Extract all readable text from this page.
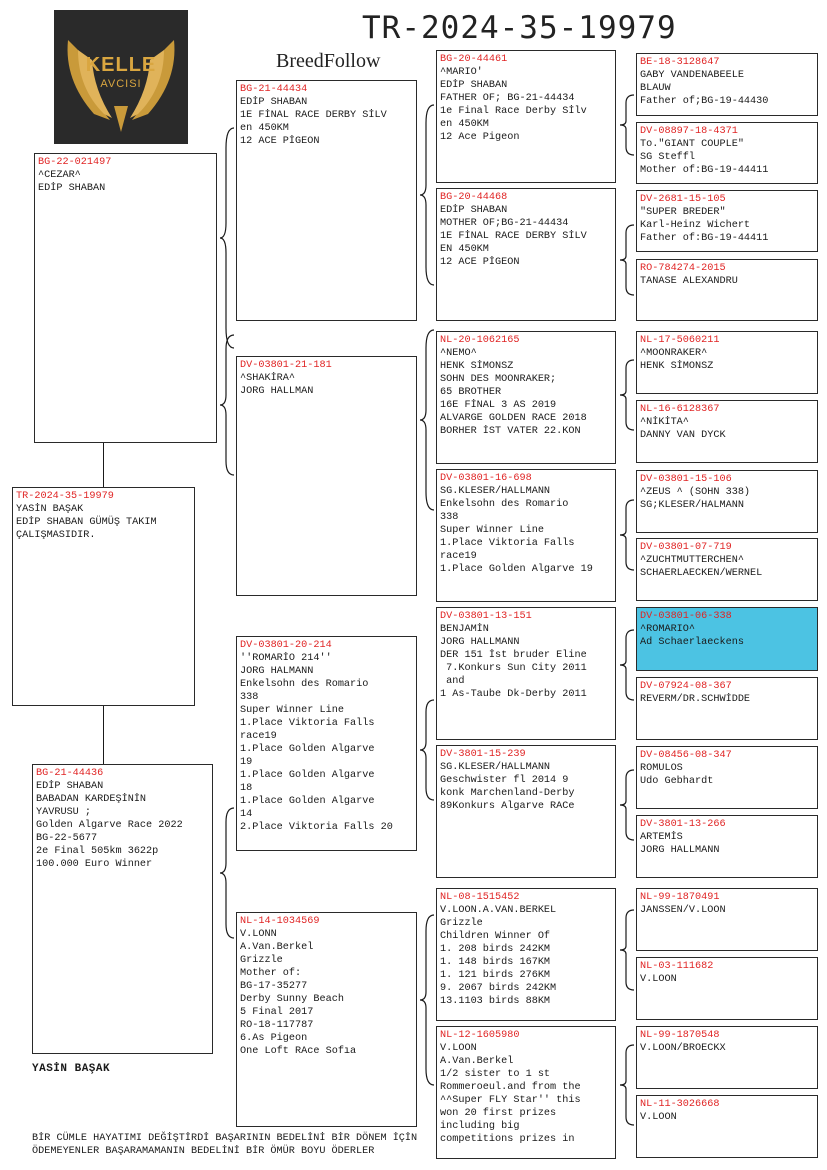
KELLE
AVCISI
TR-2024-35-19979
BreedFollow
BG-22-021497
^CEZAR^
EDİP SHABAN
TR-2024-35-19979
YASİN BAŞAK
EDİP SHABAN GÜMÜŞ TAKIM
ÇALIŞMASIDIR.
BG-21-44436
EDİP SHABAN
BABADAN KARDEŞİNİN
YAVRUSU ;
Golden Algarve Race 2022
BG-22-5677
2e Final 505km 3622p
100.000 Euro Winner
BG-21-44434
EDİP SHABAN
1E FİNAL RACE DERBY SİLV
en 450KM
12 ACE PİGEON
DV-03801-21-181
^SHAKİRA^
JORG HALLMAN
DV-03801-20-214
''ROMARİO 214''
JORG HALMANN
Enkelsohn des Romario
338
Super Winner Line
1.Place Viktoria Falls
race19
1.Place Golden Algarve
19
1.Place Golden Algarve
18
1.Place Golden Algarve
14
2.Place Viktoria Falls 20
NL-14-1034569
V.LONN
A.Van.Berkel
Grizzle
Mother of:
BG-17-35277
Derby Sunny Beach
5 Final 2017
RO-18-117787
6.As Pigeon
One Loft RAce Sofıa
BG-20-44461
^MARIO'
EDİP SHABAN
FATHER OF; BG-21-44434
1e Final Race Derby Sİlv
en 450KM
12 Ace Pigeon
BG-20-44468
EDİP SHABAN
MOTHER OF;BG-21-44434
1E FİNAL RACE DERBY SİLV
EN 450KM
12 ACE PİGEON
NL-20-1062165
^NEMO^
HENK SİMONSZ
SOHN DES MOONRAKER;
65 BROTHER
16E FİNAL 3 AS 2019
ALVARGE GOLDEN RACE 2018
BORHER İST VATER 22.KON
DV-03801-16-698
SG.KLESER/HALLMANN
Enkelsohn des Romario
338
Super Winner Line
1.Place Viktoria Falls
race19
1.Place Golden Algarve 19
DV-03801-13-151
BENJAMİN
JORG HALLMANN
DER 151 İst bruder Eline
7.Konkurs Sun City 2011
and
1 As-Taube Dk-Derby 2011
DV-3801-15-239
SG.KLESER/HALLMANN
Geschwister fl 2014 9
konk Marchenland-Derby
89Konkurs Algarve RACe
NL-08-1515452
V.LOON.A.VAN.BERKEL
Grizzle
Children Winner Of
1. 208 birds 242KM
1. 148 birds 167KM
1. 121 birds 276KM
9. 2067 birds 242KM
13.1103 birds 88KM
NL-12-1605980
V.LOON
A.Van.Berkel
1/2 sister to 1 st
Rommeroeul.and from the
^^Super FLY Star'' this
won 20 first prizes
including big
competitions prizes in
BE-18-3128647
GABY VANDENABEELE
BLAUW
Father of;BG-19-44430
DV-08897-18-4371
To."GIANT COUPLE"
SG Steffl
Mother of:BG-19-44411
DV-2681-15-105
"SUPER BREDER"
Karl-Heinz Wichert
Father of:BG-19-44411
RO-784274-2015
TANASE ALEXANDRU
NL-17-5060211
^MOONRAKER^
HENK SİMONSZ
NL-16-6128367
^NİKİTA^
DANNY VAN DYCK
DV-03801-15-106
^ZEUS ^ (SOHN 338)
SG;KLESER/HALMANN
DV-03801-07-719
^ZUCHTMUTTERCHEN^
SCHAERLAECKEN/WERNEL
DV-03801-06-338
^ROMARIO^
Ad Schaerlaeckens
DV-07924-08-367
REVERM/DR.SCHWİDDE
DV-08456-08-347
ROMULOS
Udo Gebhardt
DV-3801-13-266
ARTEMİS
JORG HALLMANN
NL-99-1870491
JANSSEN/V.LOON
NL-03-111682
V.LOON
NL-99-1870548
V.LOON/BROECKX
NL-11-3026668
V.LOON
YASİN BAŞAK
BİR CÜMLE HAYATIMI DEĞİŞTİRDİ BAŞARININ BEDELİNİ BİR DÖNEM İÇİN ÖDEMEYENLER BAŞARAMAMANIN BEDELİNİ BİR ÖMÜR BOYU ÖDERLER
